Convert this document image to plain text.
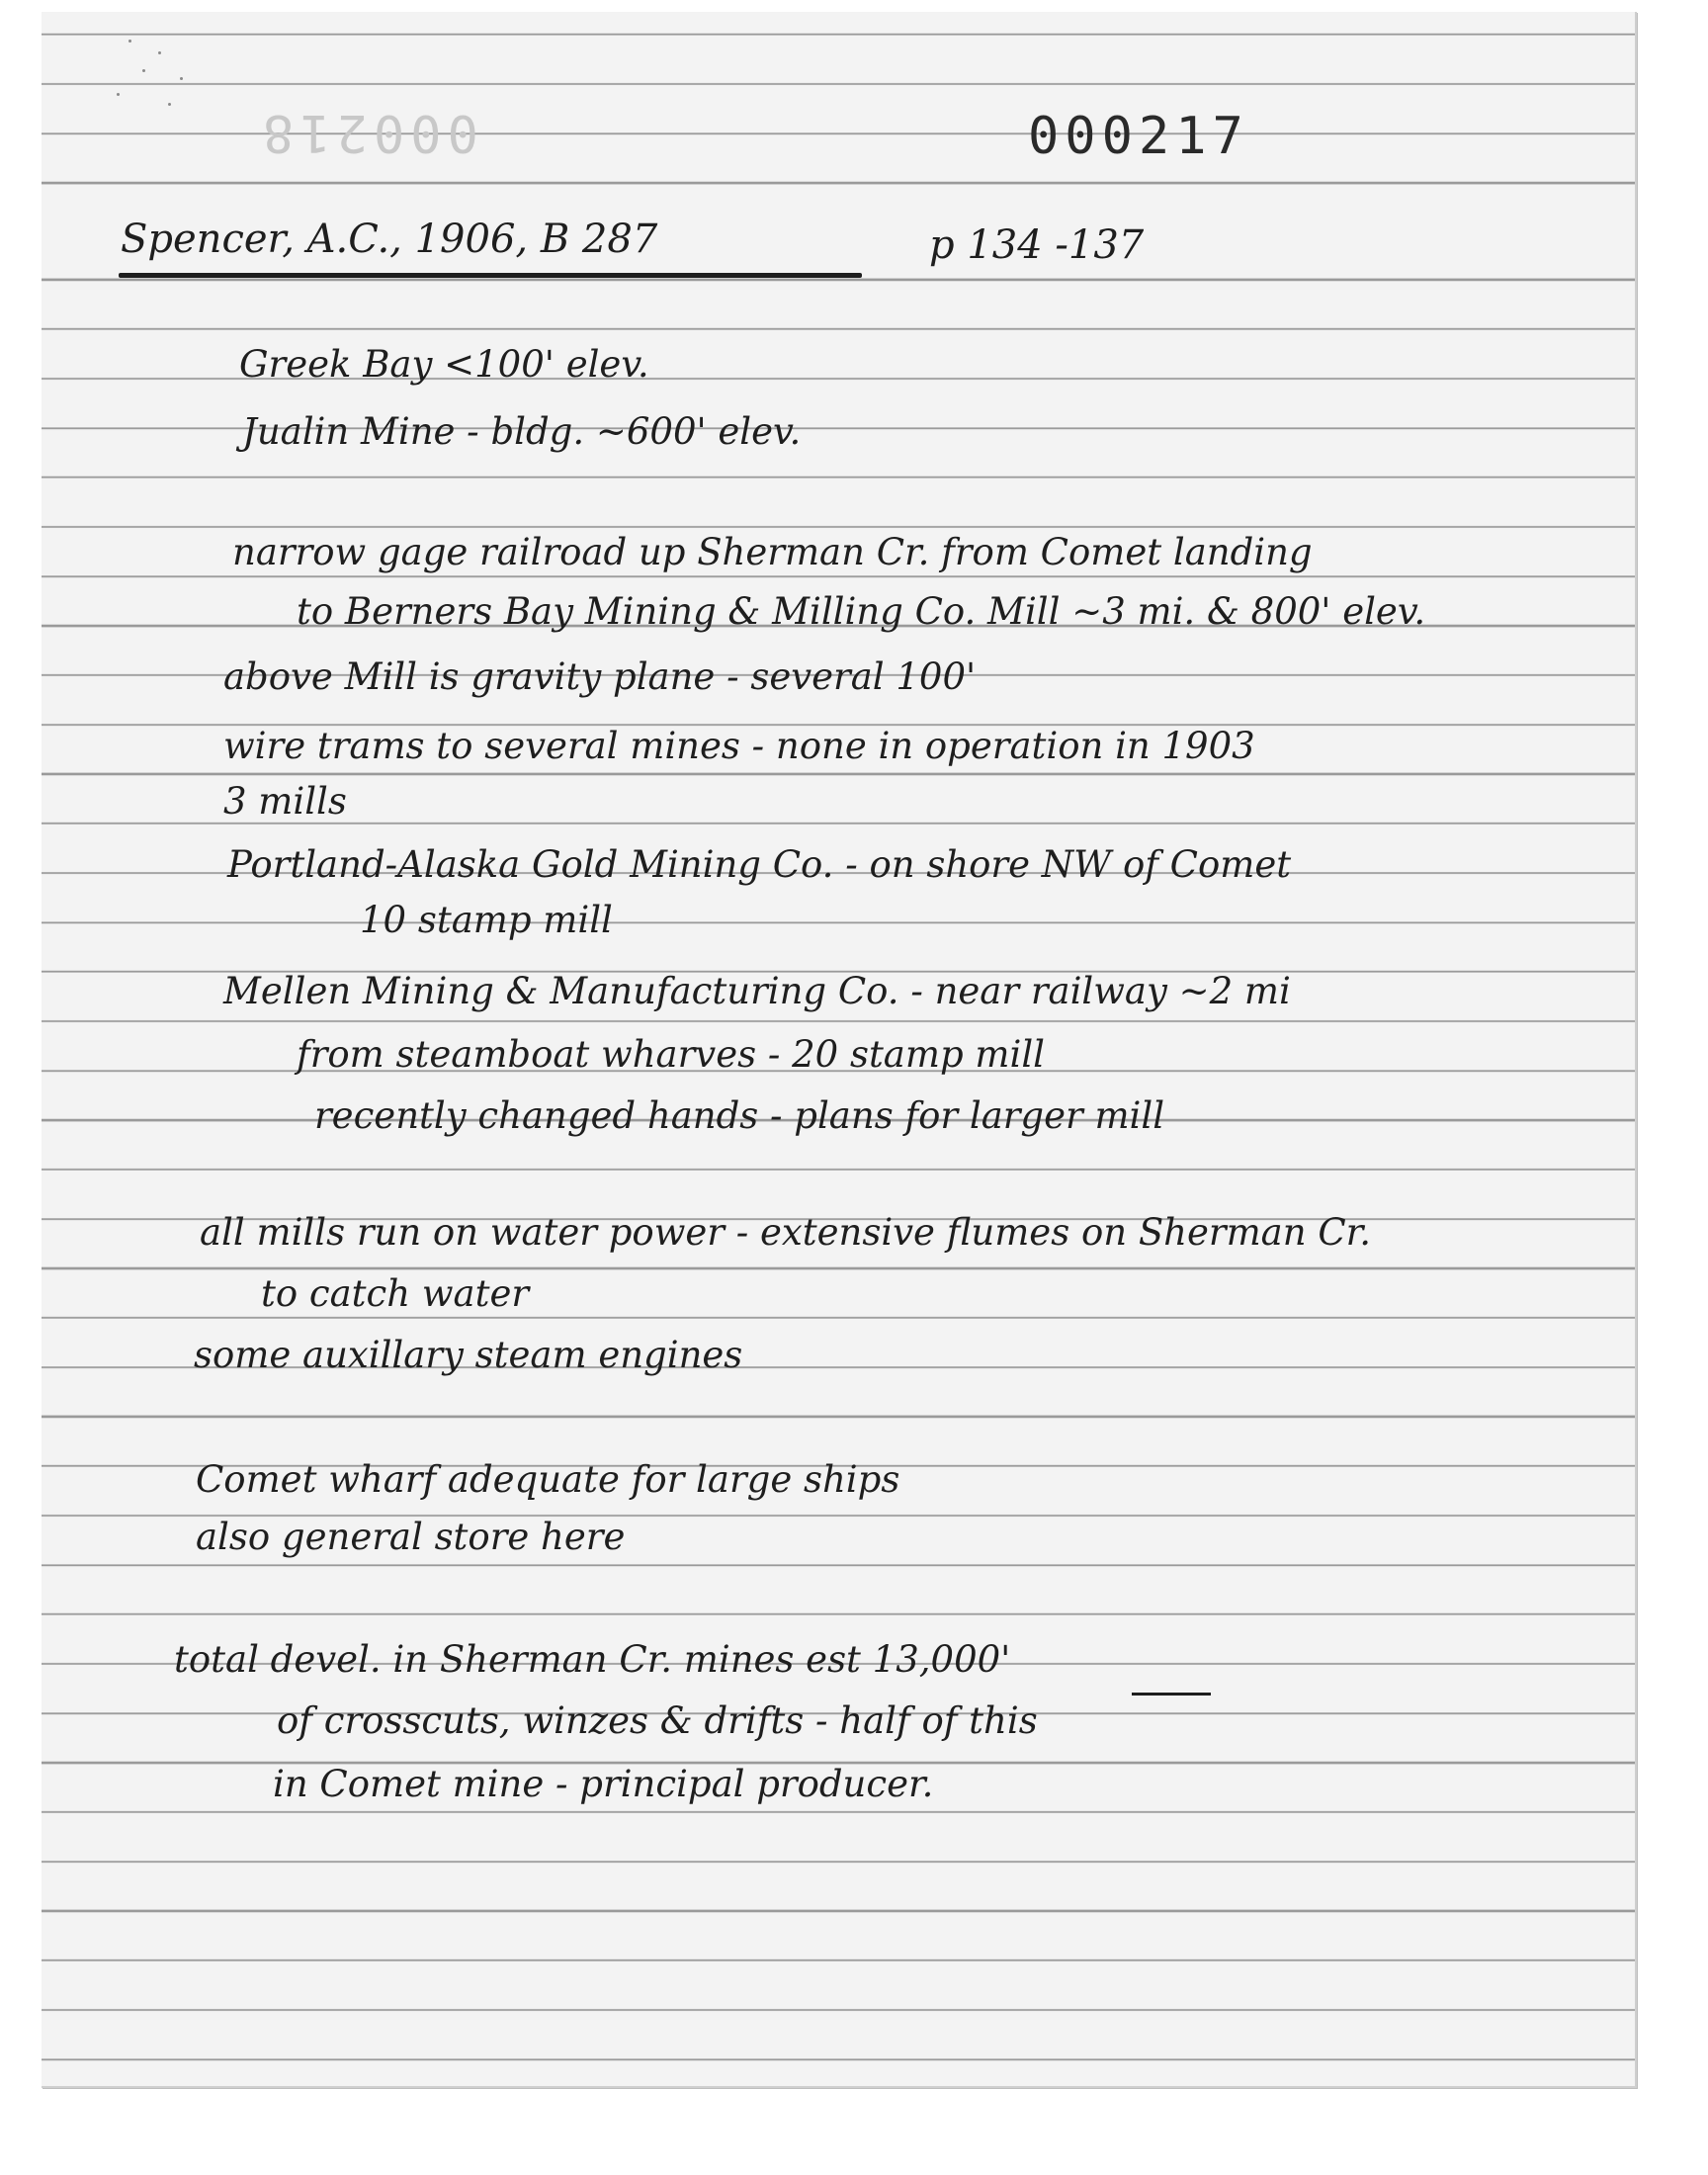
000218	000217
Spencer, A.C., 1906, B 287	p 134 -137
Greek Bay <100' elev.
Jualin Mine - bldg. ~600' elev.
narrow gage railroad up Sherman Cr. from Comet landing
to Berners Bay Mining & Milling Co. Mill ~3 mi. & 800' elev.
above Mill is gravity plane - several 100'
wire trams to several mines - none in operation in 1903
3 mills
Portland-Alaska Gold Mining Co. - on shore NW of Comet
10 stamp mill
Mellen Mining & Manufacturing Co. - near railway ~2 mi
from steamboat wharves - 20 stamp mill
recently changed hands - plans for larger mill
all mills run on water power - extensive flumes on Sherman Cr.
to catch water
some auxillary steam engines
Comet wharf adequate for large ships
also general store here
total devel. in Sherman Cr. mines est 13,000'
of crosscuts, winzes & drifts - half of this
in Comet mine - principal producer.
